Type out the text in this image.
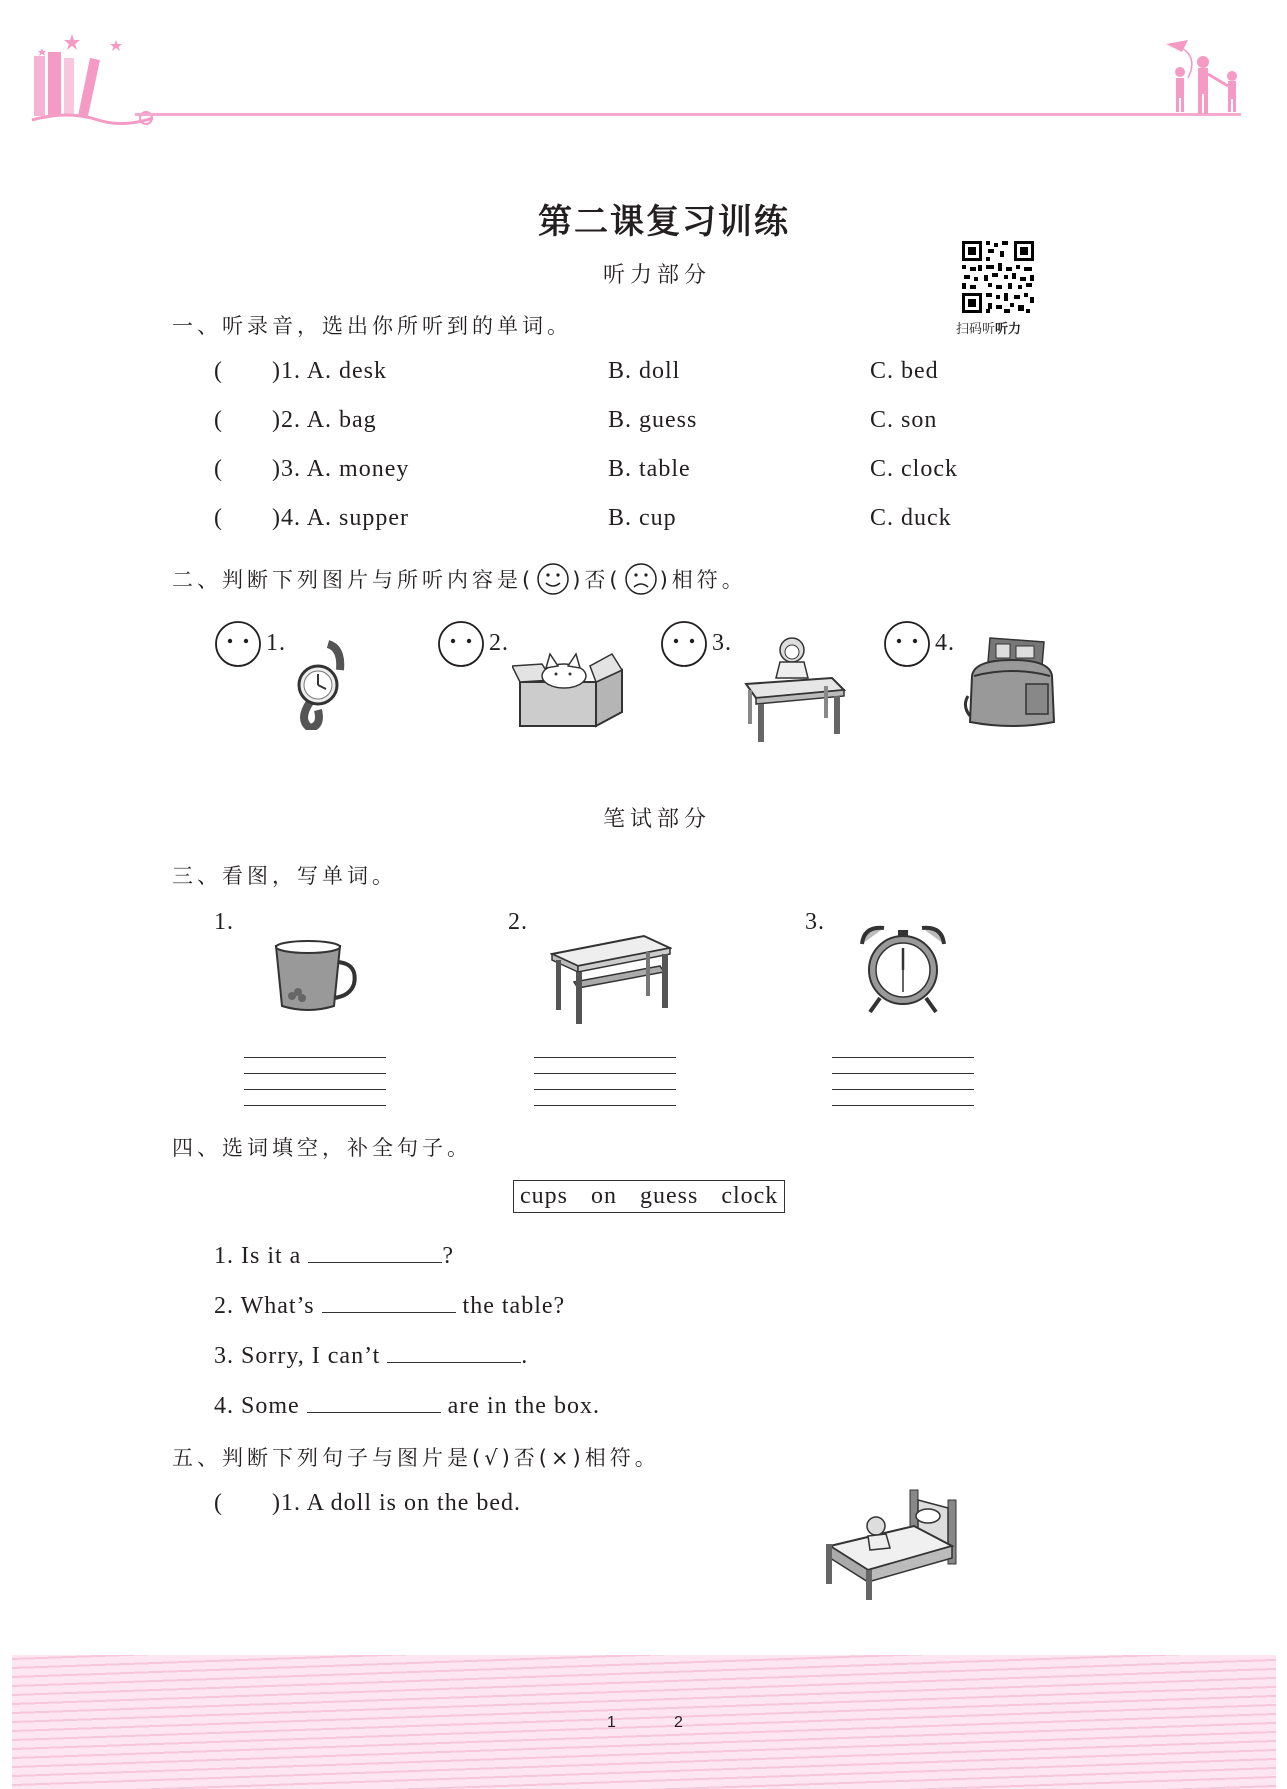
第二课复习训练
听力部分
扫码听听力
一、听录音，选出你所听到的单词。
( )1. A. desk	B. doll	C. bed
( )2. A. bag	B. guess	C. son
( )3. A. money	B. table	C. clock
( )4. A. supper	B. cup	C. duck
二、判断下列图片与所听内容是( )否( )相符。
1.	2.	3.	4.
笔试部分
三、看图，写单词。
1.	2.	3.
四、选词填空，补全句子。
cups on guess clock
1. Is it a	?
2. What’s	the table?
3. Sorry, I can’t	.
4. Some	are in the box.
五、判断下列句子与图片是(√)否(×)相符。
( )1. A doll is on the bed.
1	2
